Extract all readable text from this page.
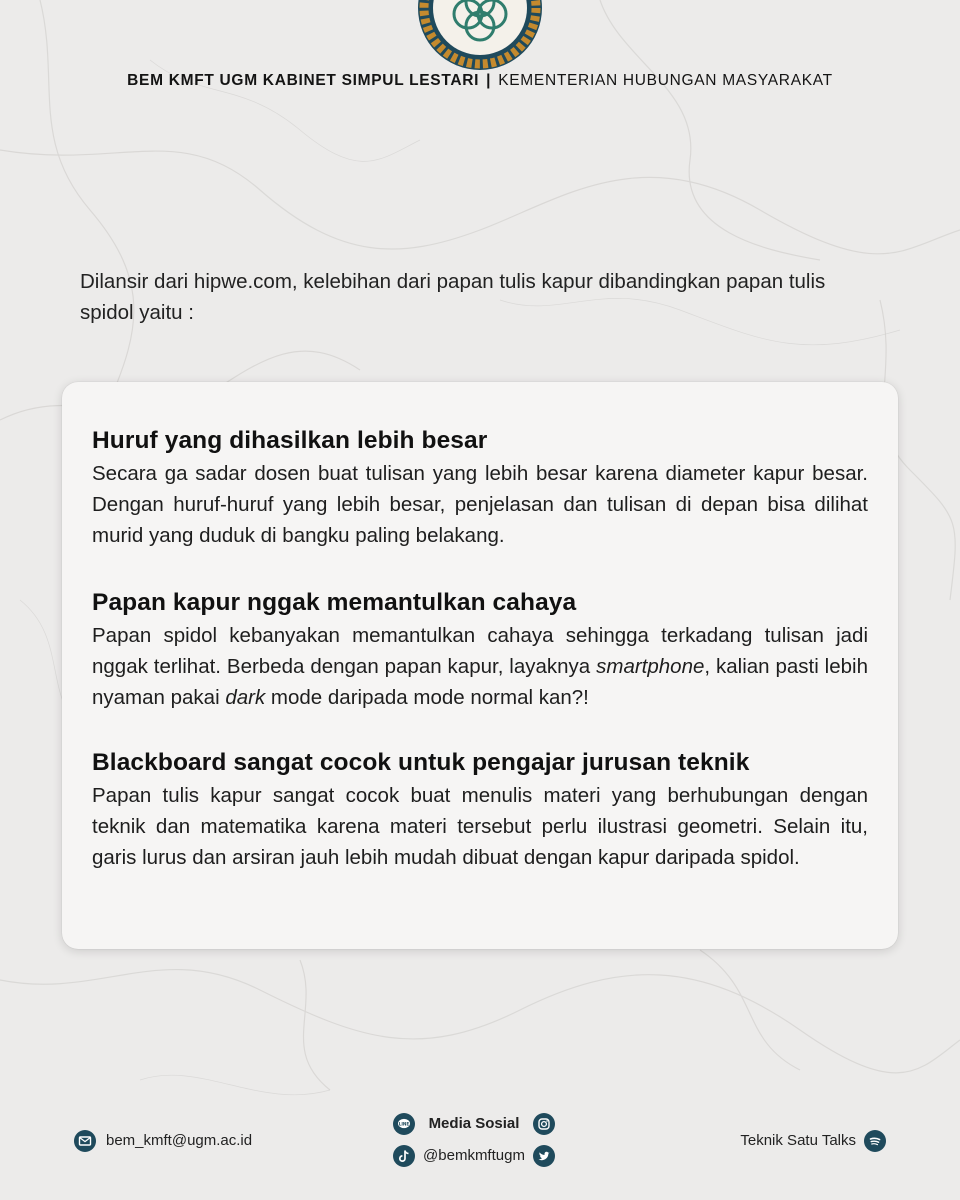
BEM KMFT UGM KABINET SIMPUL LESTARI | KEMENTERIAN HUBUNGAN MASYARAKAT
Dilansir dari hipwe.com, kelebihan dari papan tulis kapur dibandingkan papan tulis spidol yaitu :
Huruf yang dihasilkan lebih besar

Secara ga sadar dosen buat tulisan yang lebih besar karena diameter kapur besar. Dengan huruf-huruf yang lebih besar, penjelasan dan tulisan di depan bisa dilihat murid yang duduk di bangku paling belakang.

Papan kapur nggak memantulkan cahaya

Papan spidol kebanyakan memantulkan cahaya sehingga terkadang tulisan jadi nggak terlihat. Berbeda dengan papan kapur, layaknya smartphone, kalian pasti lebih nyaman pakai dark mode daripada mode normal kan?!

Blackboard sangat cocok untuk pengajar jurusan teknik

Papan tulis kapur sangat cocok buat menulis materi yang berhubungan dengan teknik dan matematika karena materi tersebut perlu ilustrasi geometri. Selain itu, garis lurus dan arsiran jauh lebih mudah dibuat dengan kapur daripada spidol.

bem_kmft@ugm.ac.id
LINE Media Sosial
@bemkmftugm
Teknik Satu Talks
